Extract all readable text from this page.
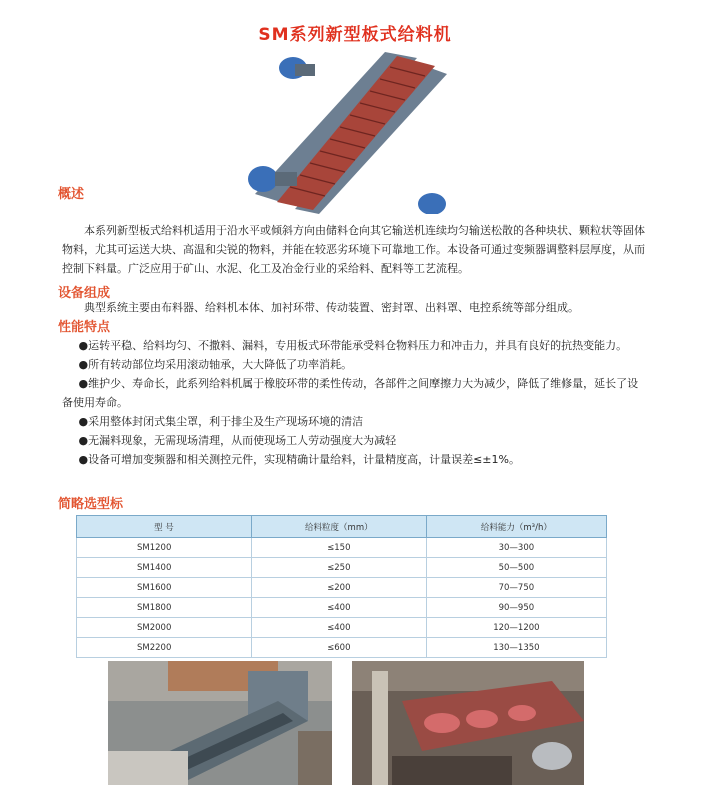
SM系列新型板式给料机
概述

本系列新型板式给料机适用于沿水平或倾斜方向由储料仓向其它输送机连续均匀输送松散的各种块状、颗粒状等固体物料，尤其可运送大块、高温和尖锐的物料，并能在较恶劣环境下可靠地工作。本设备可通过变频器调整料层厚度，从而控制下料量。广泛应用于矿山、水泥、化工及冶金行业的采给料、配料等工艺流程。

设备组成

典型系统主要由布料器、给料机本体、加衬环带、传动装置、密封罩、出料罩、电控系统等部分组成。

性能特点

●运转平稳、给料均匀、不撒料、漏料，专用板式环带能承受料仓物料压力和冲击力，并具有良好的抗热变能力。

●所有转动部位均采用滚动轴承，大大降低了功率消耗。

●维护少、寿命长，此系列给料机属于橡胶环带的柔性传动，各部件之间摩擦力大为减少，降低了维修量，延长了设备使用寿命。

●采用整体封闭式集尘罩，利于排尘及生产现场环境的清洁

●无漏料现象，无需现场清理，从而使现场工人劳动强度大为减轻

●设备可增加变频器和相关测控元件，实现精确计量给料，计量精度高，计量误差≤±1%。

简略选型标
型 号	给料粒度（mm）	给料能力（m³/h）
SM1200	≤150	30—300
SM1400	≤250	50—500
SM1600	≤200	70—750
SM1800	≤400	90—950
SM2000	≤400	120—1200
SM2200	≤600	130—1350
